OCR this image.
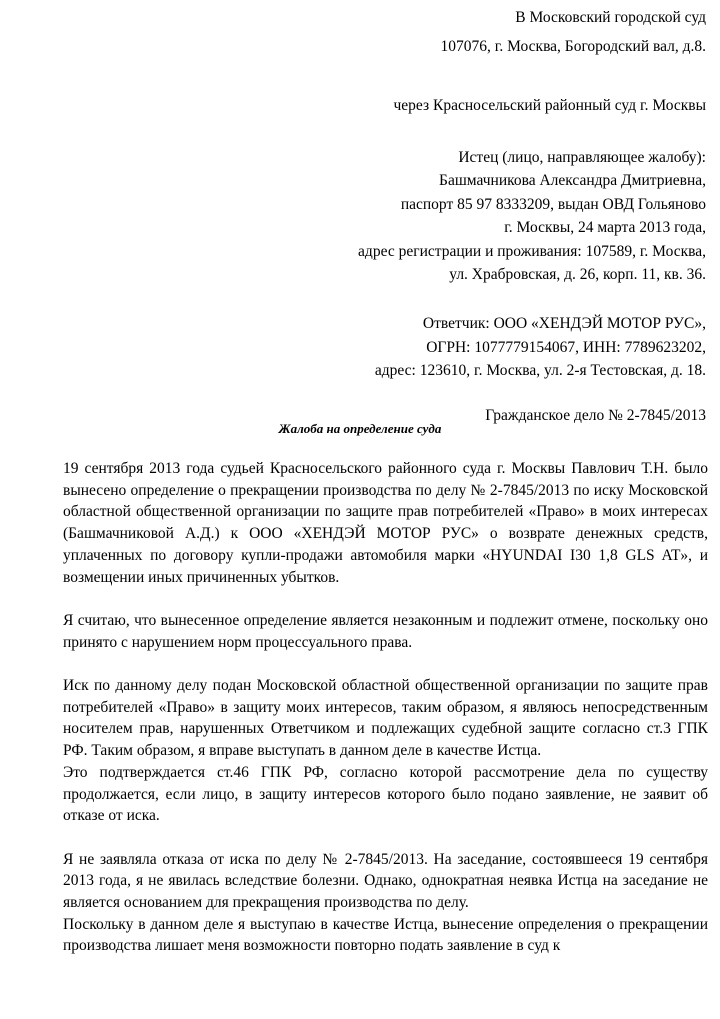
В Московский городской суд
107076, г. Москва, Богородский вал, д.8.
через Красносельский районный суд г. Москвы
Истец (лицо, направляющее жалобу):
Башмачникова Александра Дмитриевна,
паспорт 85 97 8333209, выдан ОВД Гольяново
г. Москвы, 24 марта 2013 года,
адрес регистрации и проживания: 107589, г. Москва,
ул. Храбровская, д. 26, корп. 11, кв. 36.
Ответчик: ООО «ХЕНДЭЙ МОТОР РУС»,
ОГРН: 1077779154067, ИНН: 7789623202,
адрес: 123610, г. Москва, ул. 2-я Тестовская, д. 18.
Гражданское дело № 2-7845/2013
Жалоба на определение суда

19 сентября 2013 года судьей Красносельского районного суда г. Москвы Павлович Т.Н. было вынесено определение о прекращении производства по делу № 2-7845/2013 по иску Московской областной общественной организации по защите прав потребителей «Право» в моих интересах (Башмачниковой А.Д.) к ООО «ХЕНДЭЙ МОТОР РУС» о возврате денежных средств, уплаченных по договору купли-продажи автомобиля марки «HYUNDAI I30 1,8 GLS AT», и возмещении иных причиненных убытков.

Я считаю, что вынесенное определение является незаконным и подлежит отмене, поскольку оно принято с нарушением норм процессуального права.

Иск по данному делу подан Московской областной общественной организации по защите прав потребителей «Право» в защиту моих интересов, таким образом, я являюсь непосредственным носителем прав, нарушенных Ответчиком и подлежащих судебной защите согласно ст.3 ГПК РФ. Таким образом, я вправе выступать в данном деле в качестве Истца.

Это подтверждается ст.46 ГПК РФ, согласно которой рассмотрение дела по существу продолжается, если лицо, в защиту интересов которого было подано заявление, не заявит об отказе от иска.

Я не заявляла отказа от иска по делу № 2-7845/2013. На заседание, состоявшееся 19 сентября 2013 года, я не явилась вследствие болезни. Однако, однократная неявка Истца на заседание не является основанием для прекращения производства по делу.

Поскольку в данном деле я выступаю в качестве Истца, вынесение определения о прекращении производства лишает меня возможности повторно подать заявление в суд к
